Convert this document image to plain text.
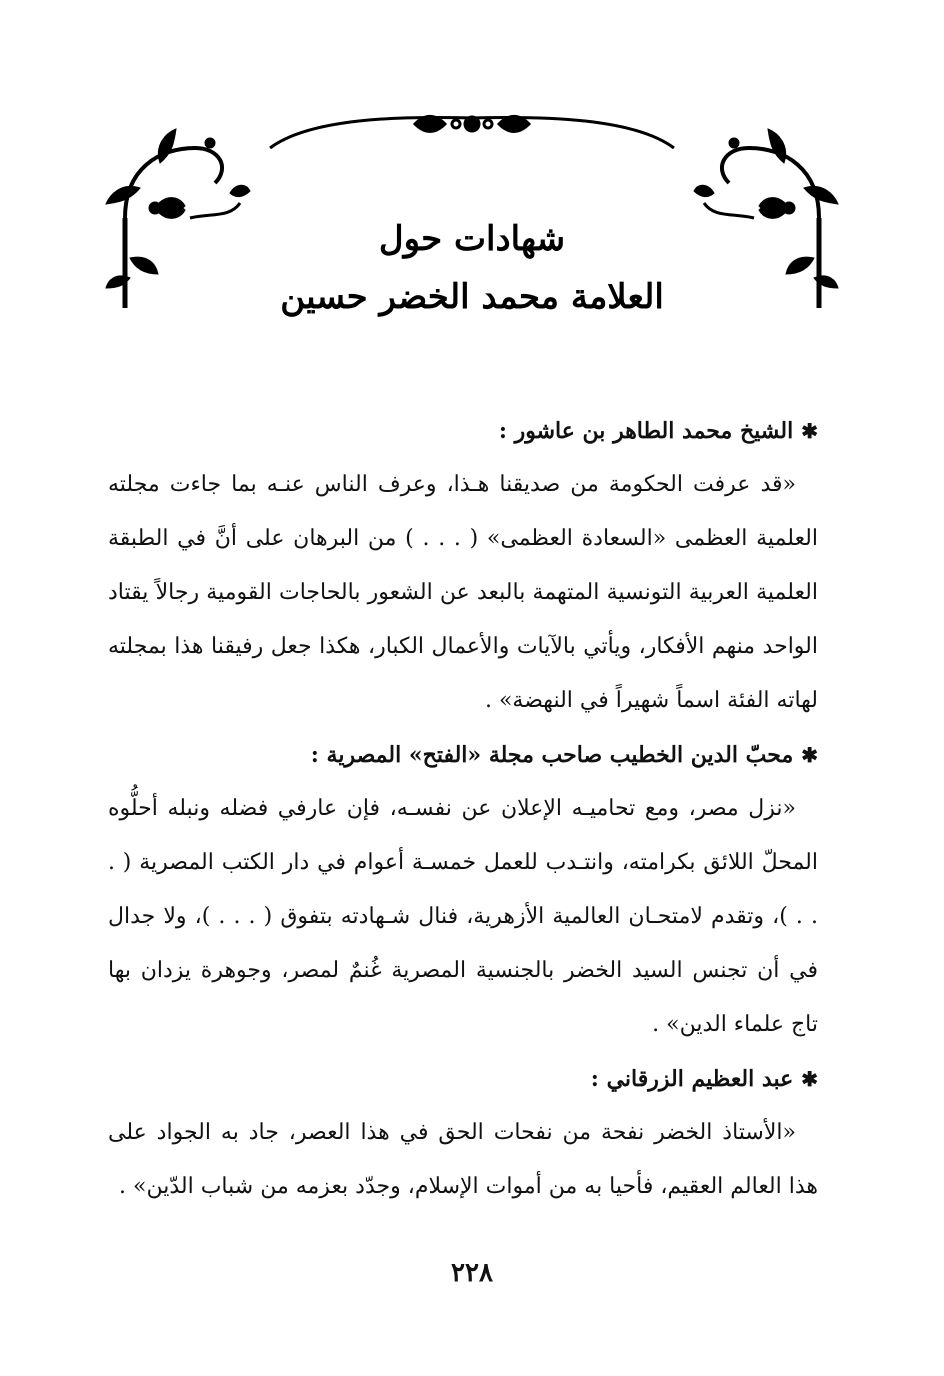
شهادات حول
العلامة محمد الخضر حسين

✱الشيخ محمد الطاهر بن عاشور :

«قد عرفت الحكومة من صديقنا هـذا، وعرف الناس عنـه بما جاءت مجلته العلمية العظمى «السعادة العظمى» ( . . . ) من البرهان على أنَّ في الطبقة العلمية العربية التونسية المتهمة بالبعد عن الشعور بالحاجات القومية رجالاً يقتاد الواحد منهم الأفكار، ويأتي بالآيات والأعمال الكبار، هكذا جعل رفيقنا هذا بمجلته لهاته الفئة اسماً شهيراً في النهضة» .

✱محبّ الدين الخطيب صاحب مجلة «الفتح» المصرية :

«نزل مصر، ومع تحاميـه الإعلان عن نفسـه، فإن عارفي فضله ونبله أحلُّوه المحلّ اللائق بكرامته، وانتـدب للعمل خمسـة أعوام في دار الكتب المصرية ( . . . )، وتقدم لامتحـان العالمية الأزهرية، فنال شـهادته بتفوق ( . . . )، ولا جدال في أن تجنس السيد الخضر بالجنسية المصرية غُنمٌ لمصر، وجوهرة يزدان بها تاج علماء الدين» .

✱عبد العظيم الزرقاني :

«الأستاذ الخضر نفحة من نفحات الحق في هذا العصر، جاد به الجواد على هذا العالم العقيم، فأحيا به من أموات الإسلام، وجدّد بعزمه من شباب الدّين» .

٢٢٨
